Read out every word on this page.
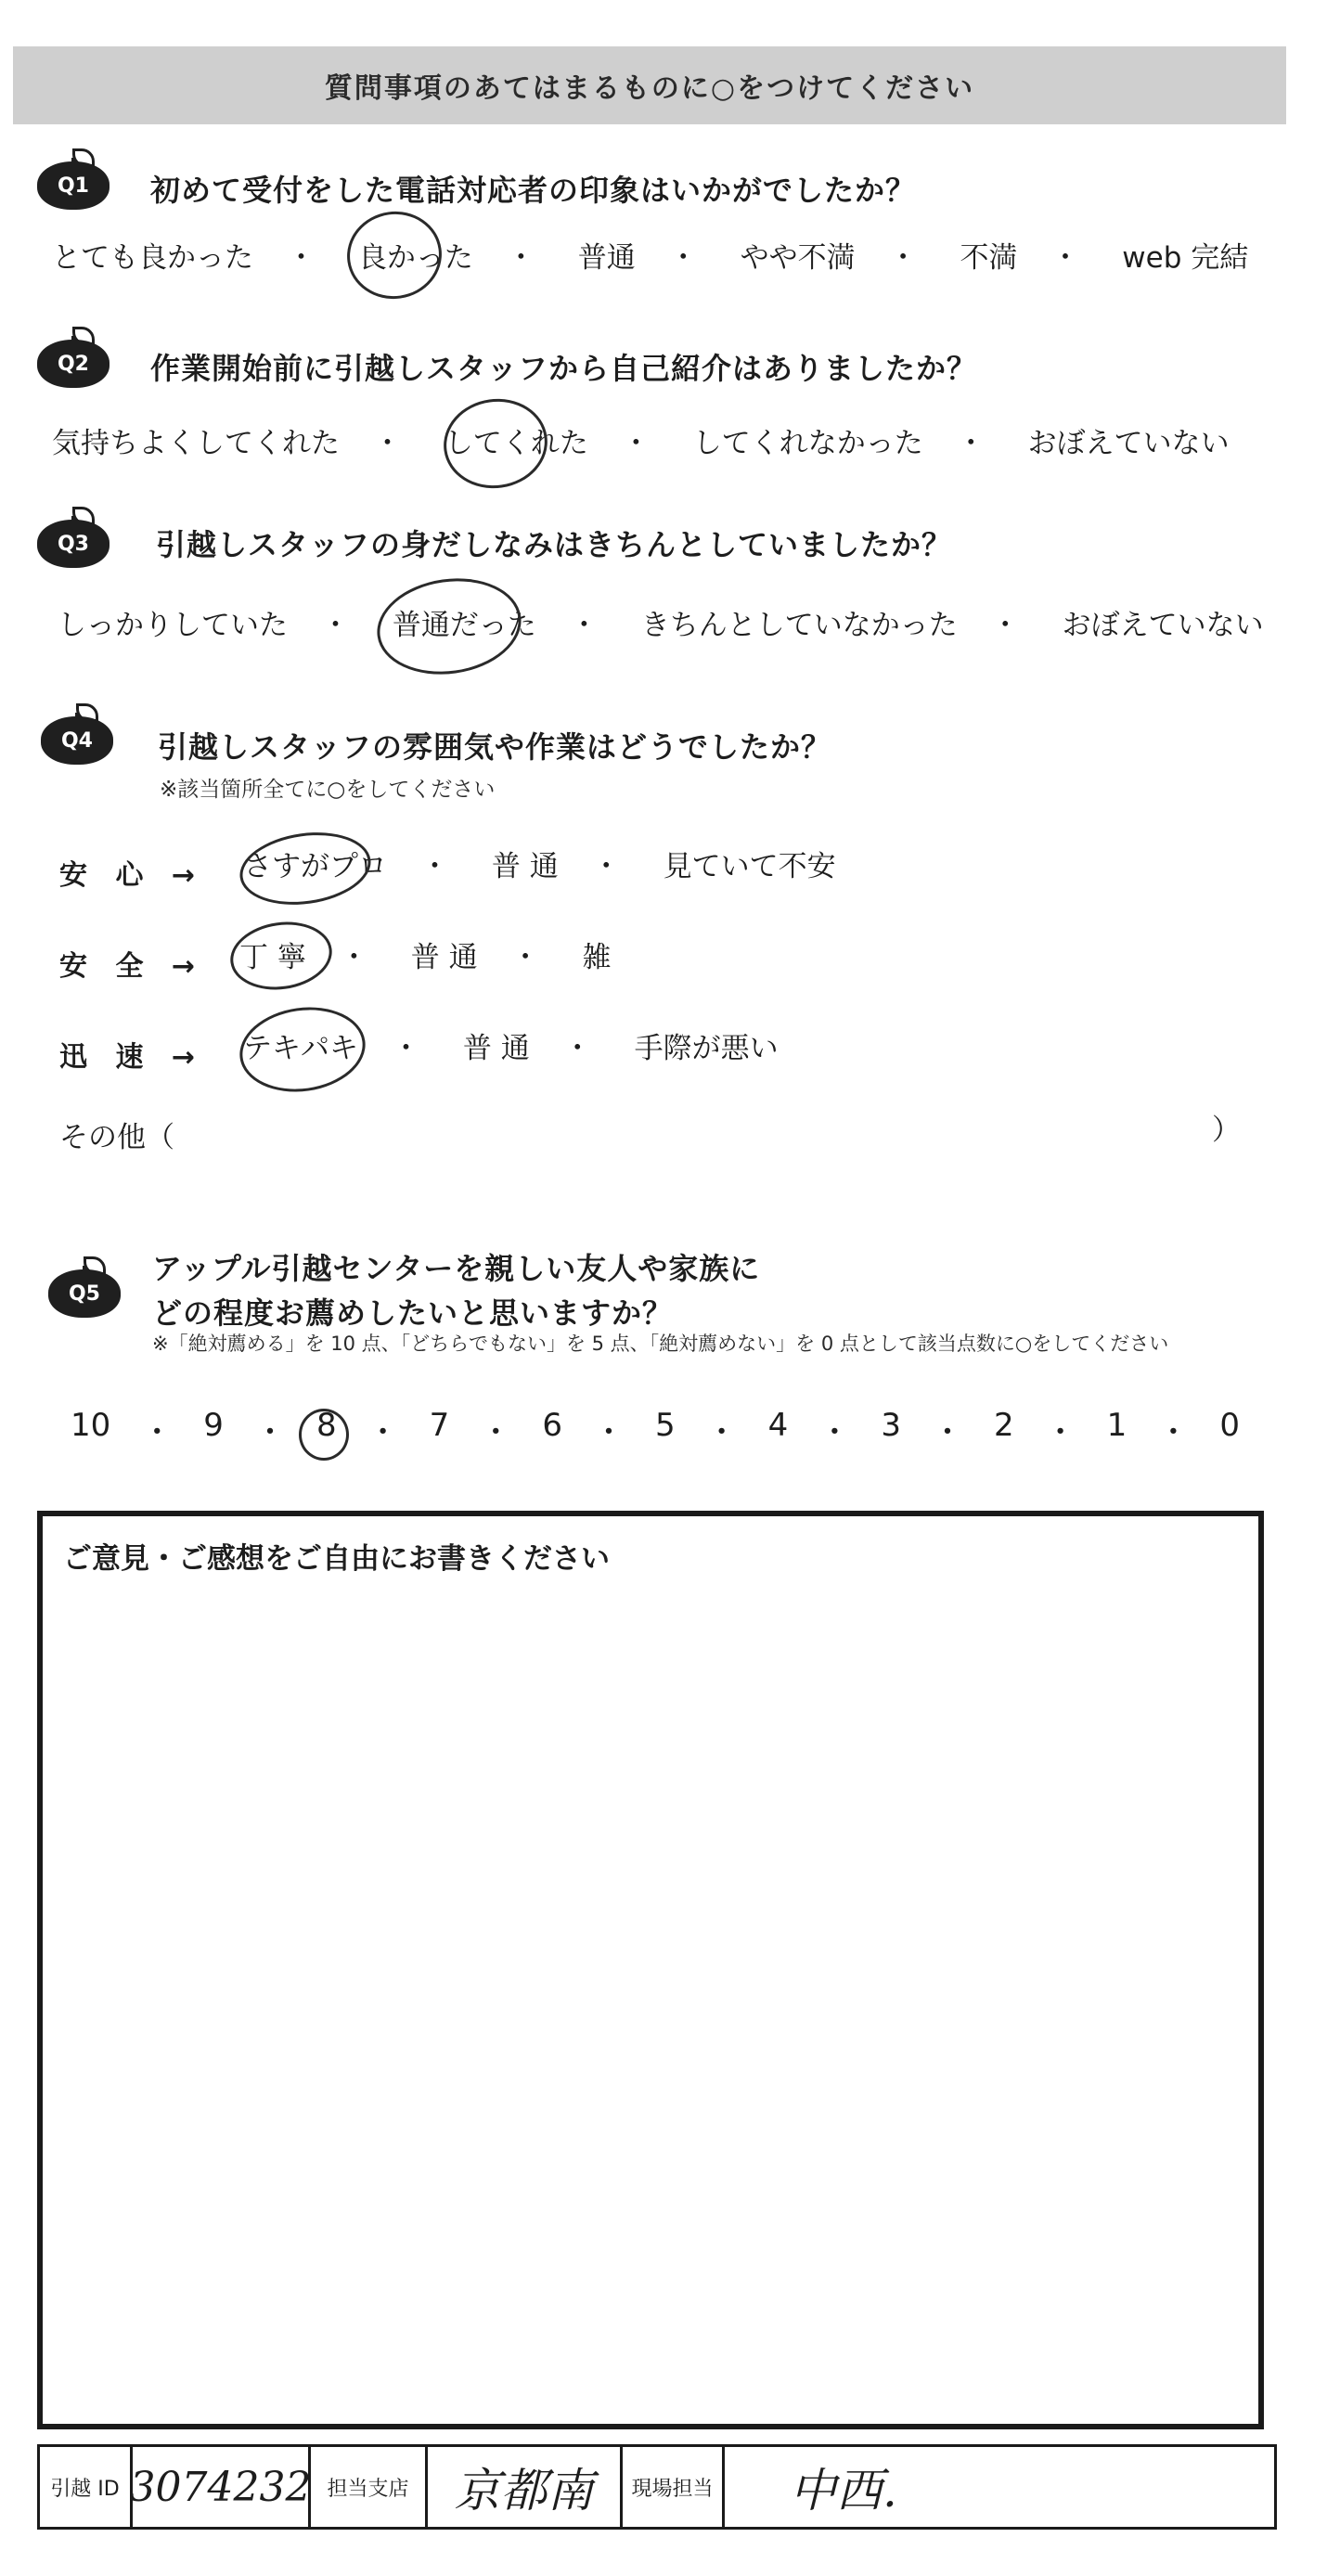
質問事項のあてはまるものに○をつけてください
Q1	初めて受付をした電話対応者の印象はいかがでしたか？
とても良かった ・ 良かった ・ 普通 ・ やや不満 ・ 不満 ・ web 完結
Q2	作業開始前に引越しスタッフから自己紹介はありましたか？
気持ちよくしてくれた ・ してくれた ・ してくれなかった ・ おぼえていない
Q3	引越しスタッフの身だしなみはきちんとしていましたか？
しっかりしていた ・ 普通だった ・ きちんとしていなかった ・ おぼえていない
Q4	引越しスタッフの雰囲気や作業はどうでしたか？
※該当箇所全てに○をしてください
安 心 → さすがプロ ・ 普 通 ・ 見ていて不安
安 全 → 丁 寧 ・ 普 通 ・ 雑
迅 速 → テキパキ ・ 普 通 ・ 手際が悪い
その他（	）
Q5
アップル引越センターを親しい友人や家族に
どの程度お薦めしたいと思いますか？
※「絶対薦める」を 10 点、「どちらでもない」を 5 点、「絶対薦めない」を 0 点として該当点数に○をしてください
10 ・ 9 ・ 8 ・ 7 ・ 6 ・ 5 ・ 4 ・ 3 ・ 2 ・ 1 ・ 0
ご意見・ご感想をご自由にお書きください
引越 ID 3074232 担当支店 京都南 現場担当 中西.
